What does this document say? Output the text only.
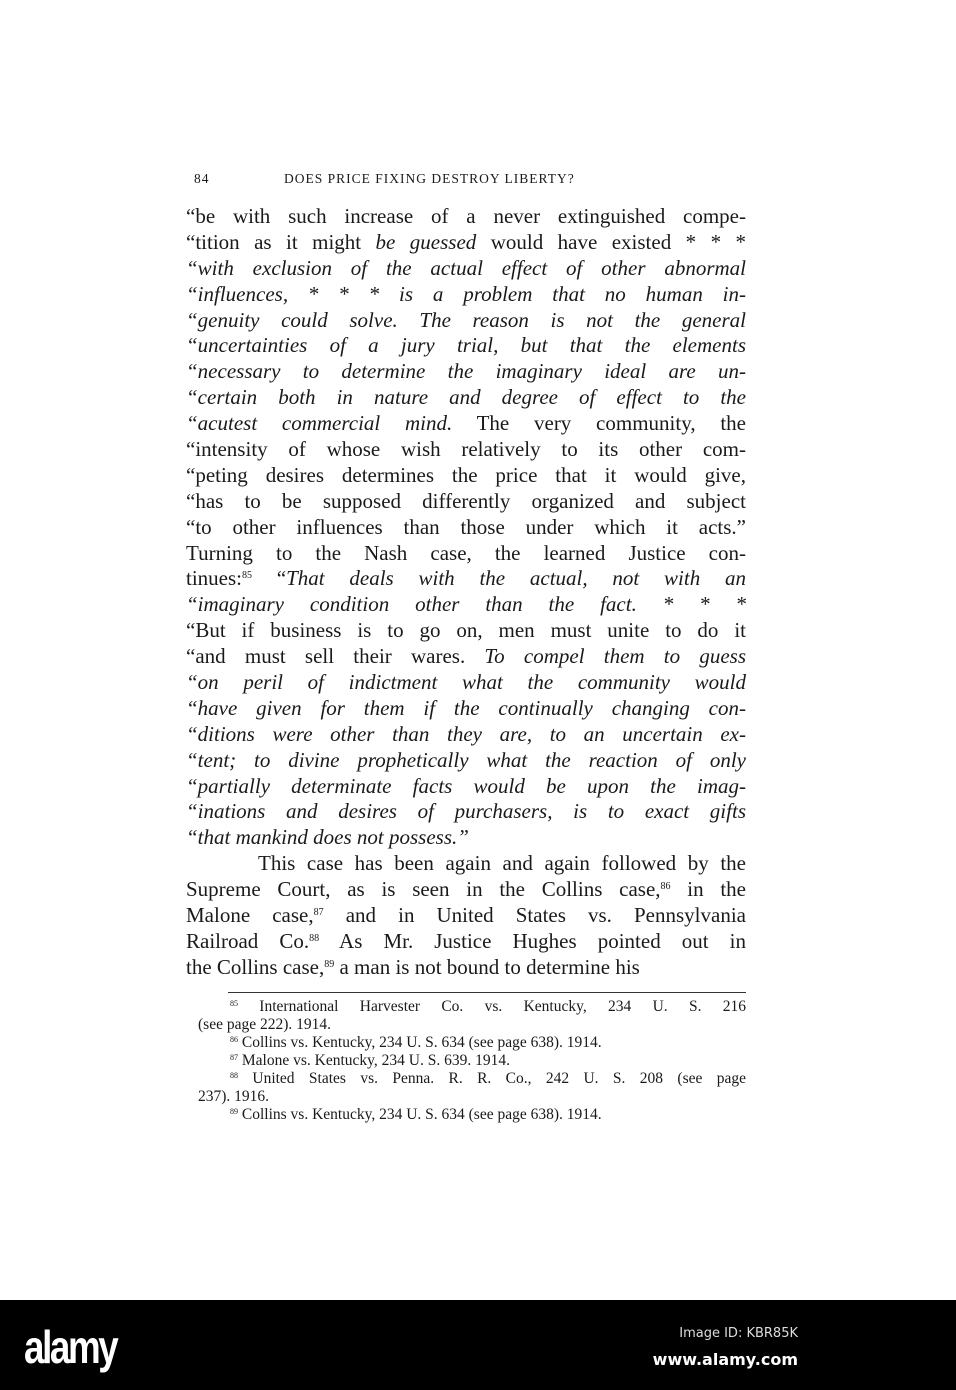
84	DOES PRICE FIXING DESTROY LIBERTY?
“be with such increase of a never extinguished compe-
“tition as it might be guessed would have existed * * *
“with exclusion of the actual effect of other abnormal
“influences, * * * is a problem that no human in-
“genuity could solve. The reason is not the general
“uncertainties of a jury trial, but that the elements
“necessary to determine the imaginary ideal are un-
“certain both in nature and degree of effect to the
“acutest commercial mind. The very community, the
“intensity of whose wish relatively to its other com-
“peting desires determines the price that it would give,
“has to be supposed differently organized and subject
“to other influences than those under which it acts.”
Turning to the Nash case, the learned Justice con-
tinues:$^{85}$ “That deals with the actual, not with an
“imaginary condition other than the fact. * * *
“But if business is to go on, men must unite to do it
“and must sell their wares. To compel them to guess
“on peril of indictment what the community would
“have given for them if the continually changing con-
“ditions were other than they are, to an uncertain ex-
“tent; to divine prophetically what the reaction of only
“partially determinate facts would be upon the imag-
“inations and desires of purchasers, is to exact gifts
“that mankind does not possess.”
This case has been again and again followed by the
Supreme Court, as is seen in the Collins case,$^{86}$ in the
Malone case,$^{87}$ and in United States vs. Pennsylvania
Railroad Co.$^{88}$ As Mr. Justice Hughes pointed out in
the Collins case,$^{89}$ a man is not bound to determine his
$^{85}$ International Harvester Co. vs. Kentucky, 234 U. S. 216
(see page 222). 1914.
$^{86}$ Collins vs. Kentucky, 234 U. S. 634 (see page 638). 1914.
$^{87}$ Malone vs. Kentucky, 234 U. S. 639. 1914.
$^{88}$ United States vs. Penna. R. R. Co., 242 U. S. 208 (see page
237). 1916.
$^{89}$ Collins vs. Kentucky, 234 U. S. 634 (see page 638). 1914.
alamy	Image ID: KBR85K
www.alamy.com
